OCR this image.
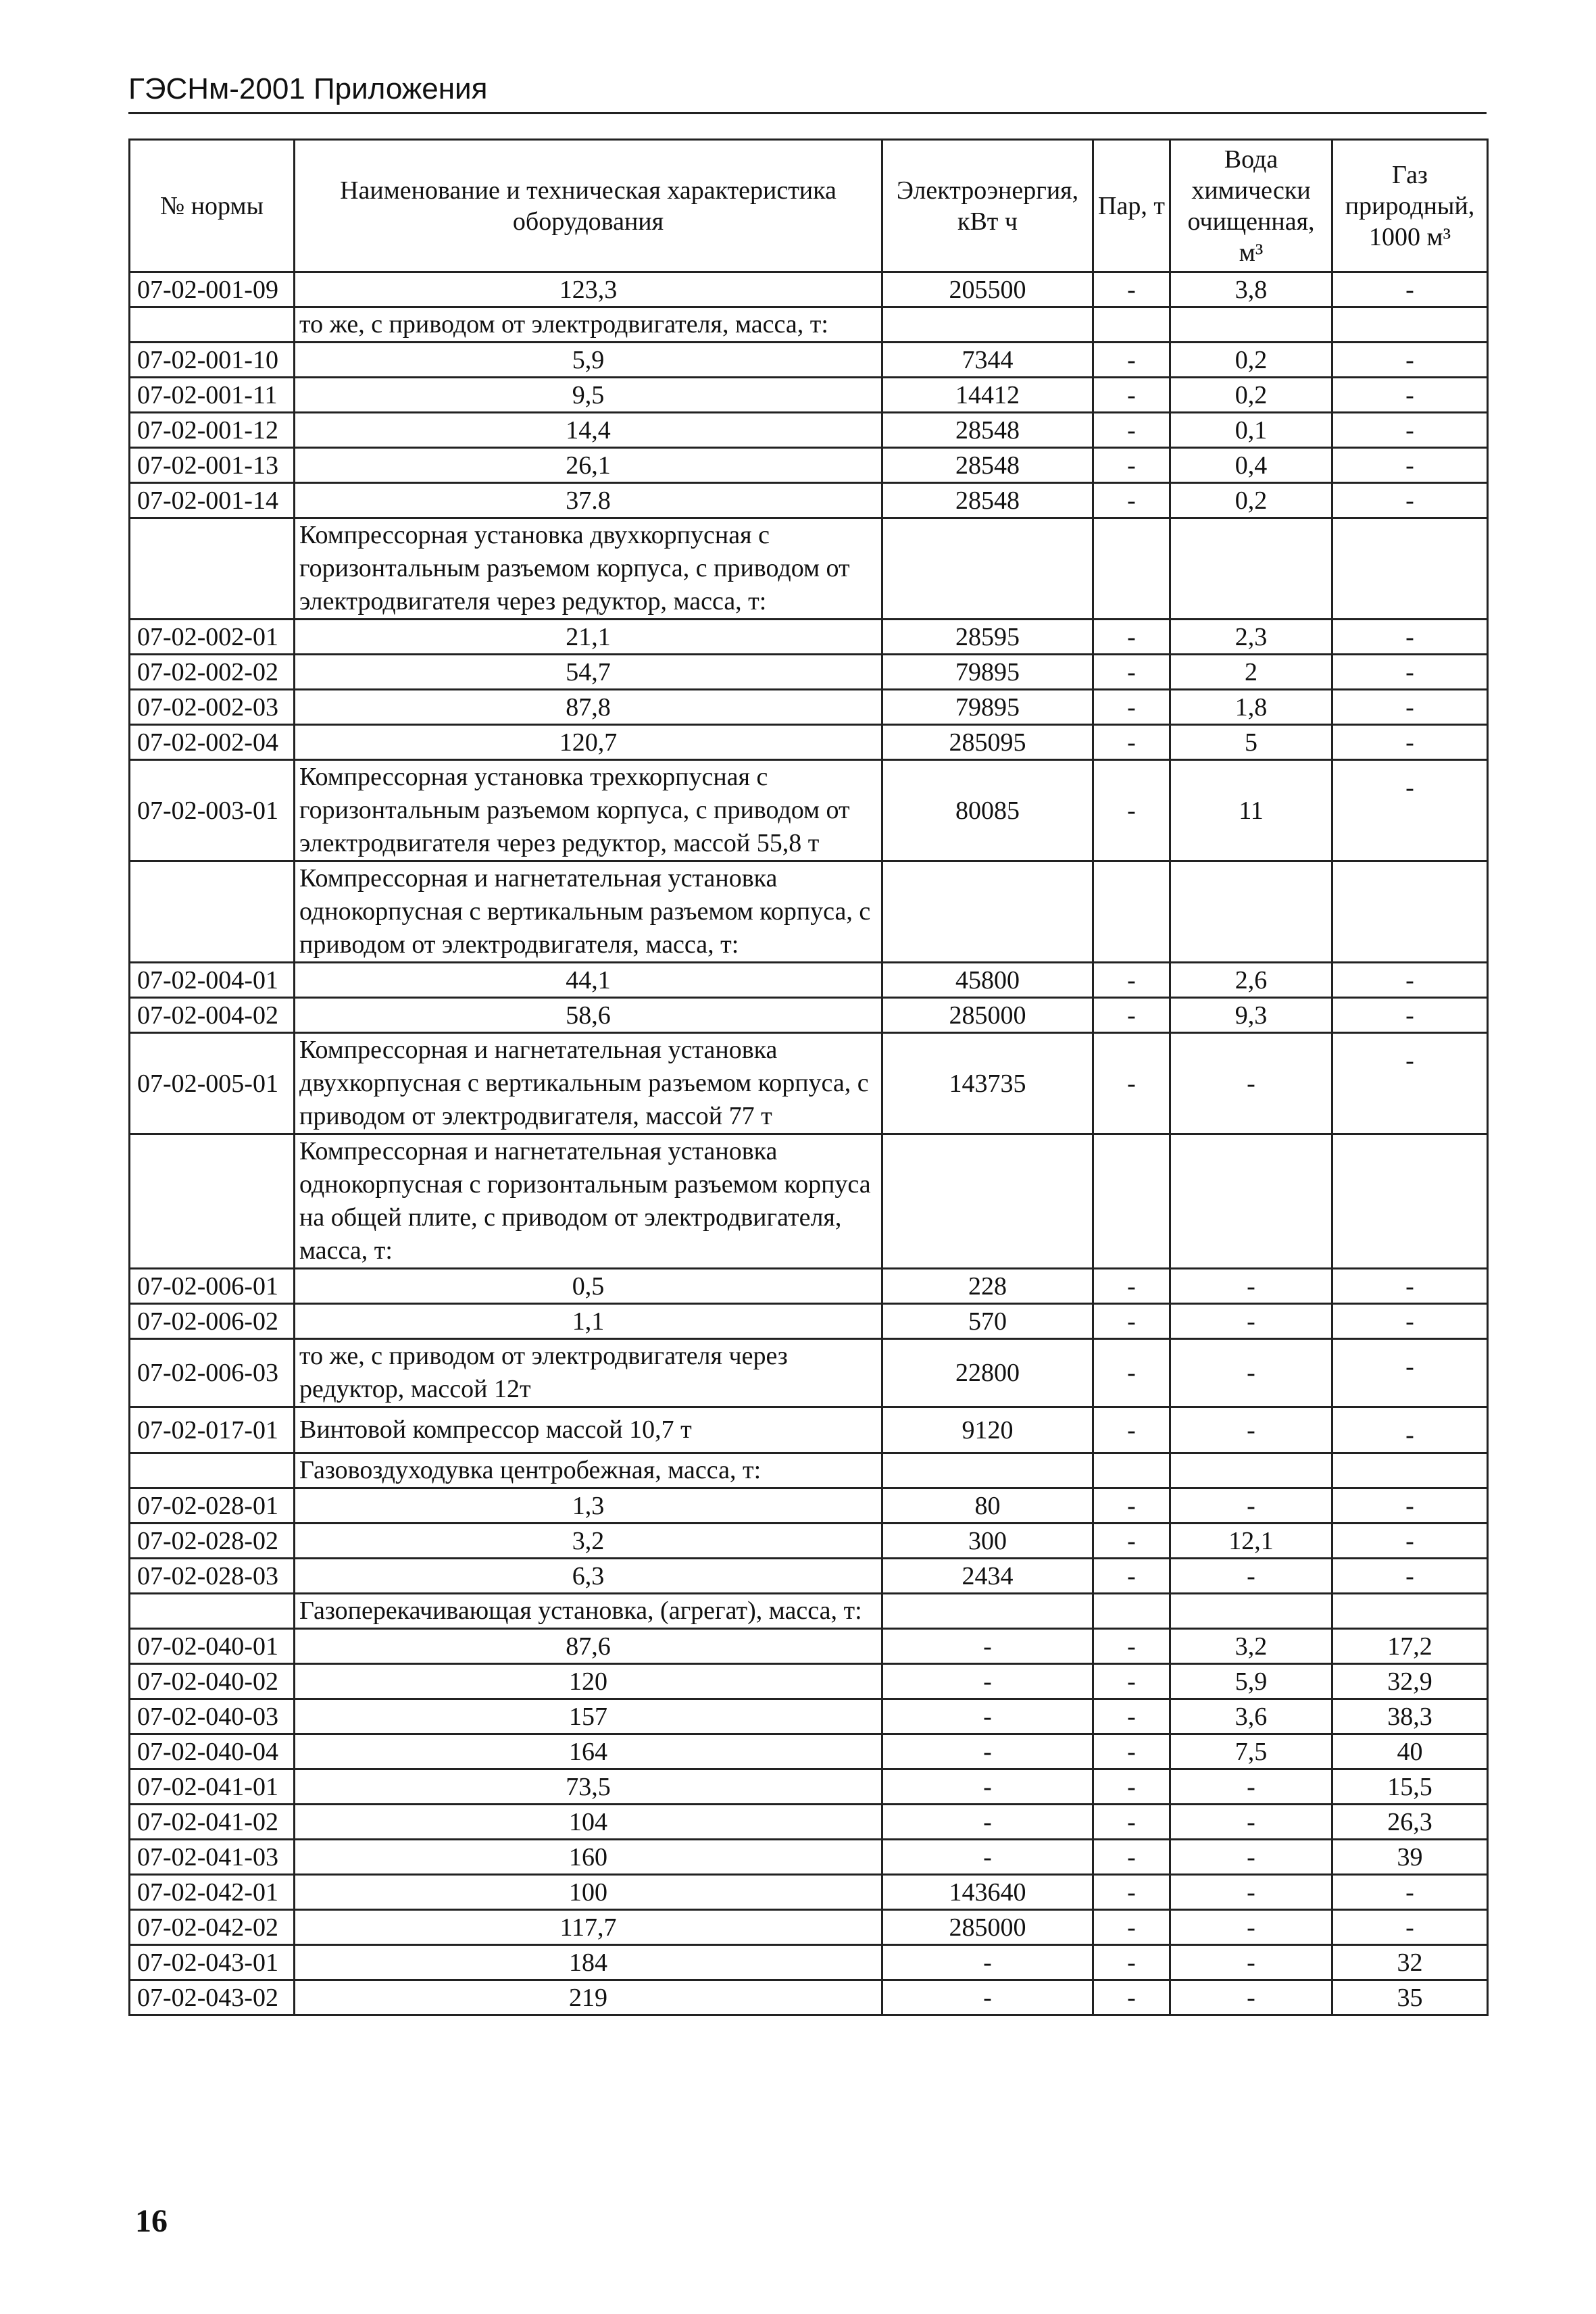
ГЭСНм-2001 Приложения
№ нормы	Наименование и техническая характеристика оборудования	Электроэнергия, кВт ч	Пар, т	Вода химически очищенная, м³	Газ природный, 1000 м³
07-02-001-09	123,3	205500	-	3,8	-
	то же, с приводом от электродвигателя, масса, т:				
07-02-001-10	5,9	7344	-	0,2	-
07-02-001-11	9,5	14412	-	0,2	-
07-02-001-12	14,4	28548	-	0,1	-
07-02-001-13	26,1	28548	-	0,4	-
07-02-001-14	37.8	28548	-	0,2	-
	Компрессорная установка двухкорпусная с горизонтальным разъемом корпуса, с приводом от электродвигателя через редуктор, масса, т:				
07-02-002-01	21,1	28595	-	2,3	-
07-02-002-02	54,7	79895	-	2	-
07-02-002-03	87,8	79895	-	1,8	-
07-02-002-04	120,7	285095	-	5	-
07-02-003-01	Компрессорная установка трехкорпусная с горизонтальным разъемом корпуса, с приводом от электродвигателя через редуктор, массой 55,8 т	80085	-	11	-
	Компрессорная и нагнетательная установка однокорпусная с вертикальным разъемом корпуса, с приводом от электродвигателя, масса, т:				
07-02-004-01	44,1	45800	-	2,6	-
07-02-004-02	58,6	285000	-	9,3	-
07-02-005-01	Компрессорная и нагнетательная установка двухкорпусная с вертикальным разъемом корпуса, с приводом от электродвигателя, массой 77 т	143735	-	-	-
	Компрессорная и нагнетательная установка однокорпусная с горизонтальным разъемом корпуса на общей плите, с приводом от электродвигателя, масса, т:				
07-02-006-01	0,5	228	-	-	-
07-02-006-02	1,1	570	-	-	-
07-02-006-03	то же, с приводом от электродвигателя через редуктор, массой 12т	22800	-	-	-
07-02-017-01	Винтовой компрессор массой 10,7 т	9120	-	-	-
	Газовоздуходувка центробежная, масса, т:				
07-02-028-01	1,3	80	-	-	-
07-02-028-02	3,2	300	-	12,1	-
07-02-028-03	6,3	2434	-	-	-
	Газоперекачивающая установка, (агрегат), масса, т:				
07-02-040-01	87,6	-	-	3,2	17,2
07-02-040-02	120	-	-	5,9	32,9
07-02-040-03	157	-	-	3,6	38,3
07-02-040-04	164	-	-	7,5	40
07-02-041-01	73,5	-	-	-	15,5
07-02-041-02	104	-	-	-	26,3
07-02-041-03	160	-	-	-	39
07-02-042-01	100	143640	-	-	-
07-02-042-02	117,7	285000	-	-	-
07-02-043-01	184	-	-	-	32
07-02-043-02	219	-	-	-	35
16
